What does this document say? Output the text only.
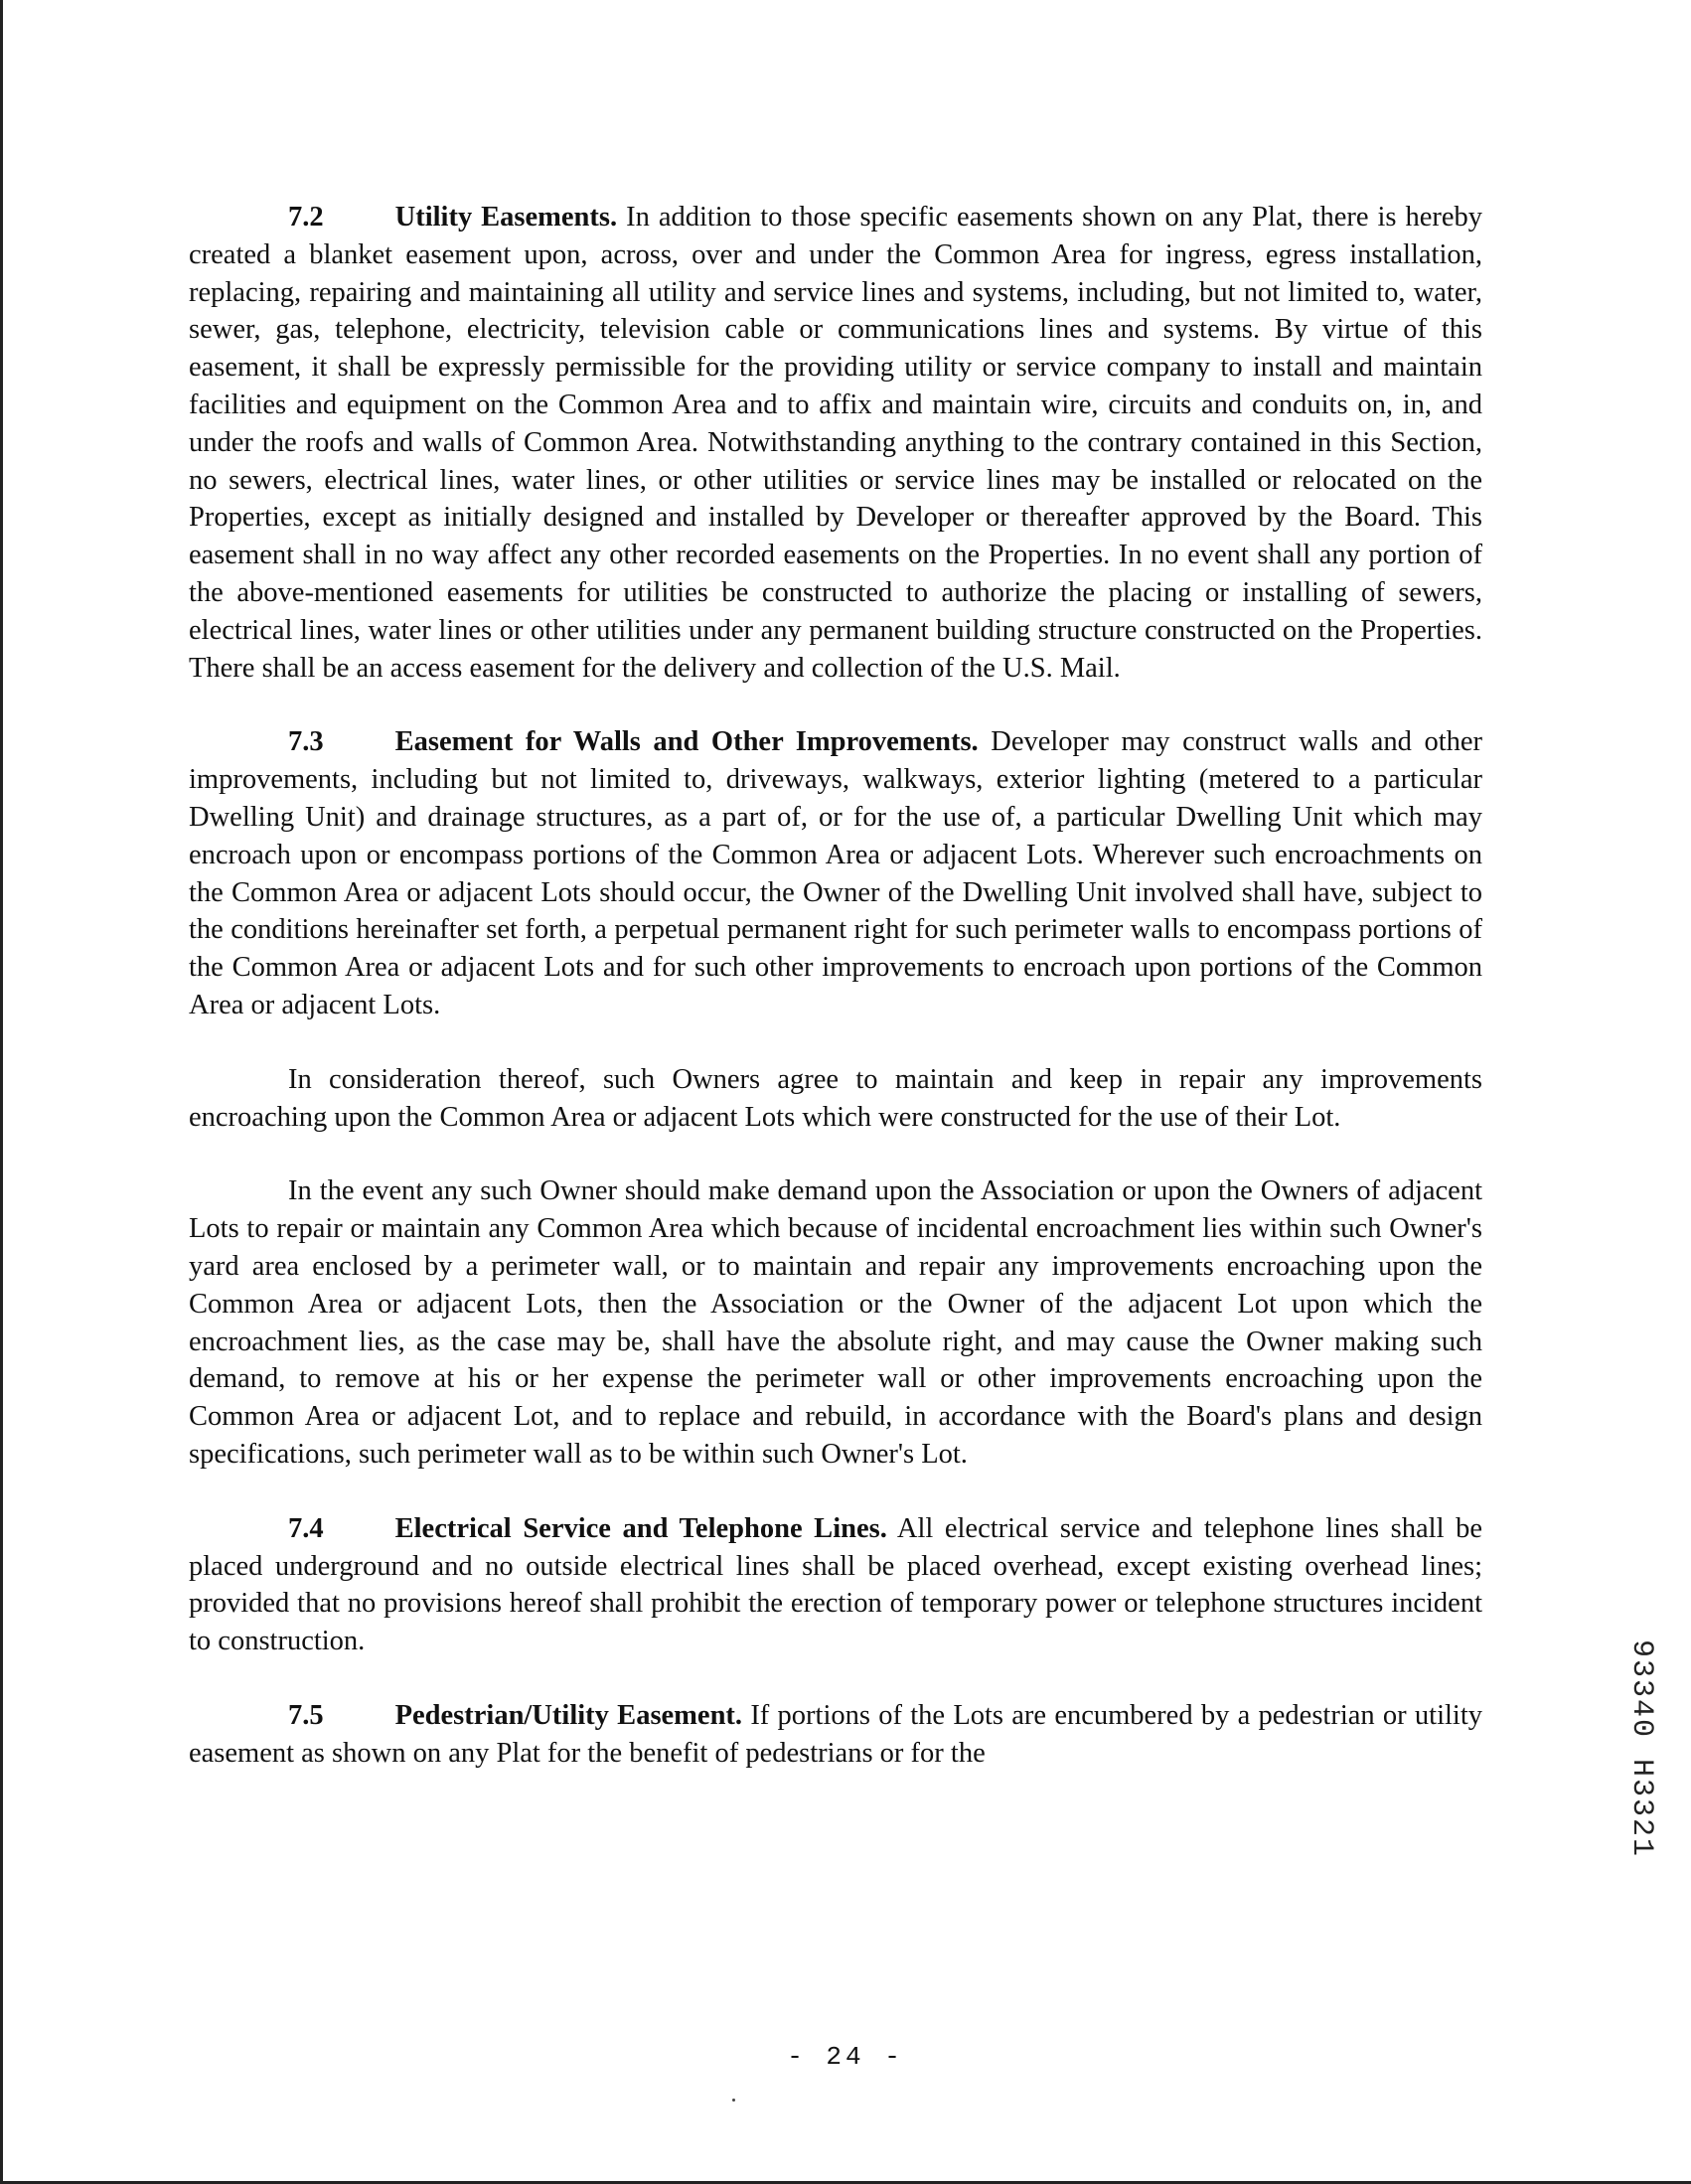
7.2	Utility Easements. In addition to those specific easements shown on any Plat, there is hereby created a blanket easement upon, across, over and under the Common Area for ingress, egress installation, replacing, repairing and maintaining all utility and service lines and systems, including, but not limited to, water, sewer, gas, telephone, electricity, television cable or communications lines and systems. By virtue of this easement, it shall be expressly permissible for the providing utility or service company to install and maintain facilities and equipment on the Common Area and to affix and maintain wire, circuits and conduits on, in, and under the roofs and walls of Common Area. Notwithstanding anything to the contrary contained in this Section, no sewers, electrical lines, water lines, or other utilities or service lines may be installed or relocated on the Properties, except as initially designed and installed by Developer or thereafter approved by the Board. This easement shall in no way affect any other recorded easements on the Properties. In no event shall any portion of the above-mentioned easements for utilities be constructed to authorize the placing or installing of sewers, electrical lines, water lines or other utilities under any permanent building structure constructed on the Properties. There shall be an access easement for the delivery and collection of the U.S. Mail.

7.3	Easement for Walls and Other Improvements. Developer may construct walls and other improvements, including but not limited to, driveways, walkways, exterior lighting (metered to a particular Dwelling Unit) and drainage structures, as a part of, or for the use of, a particular Dwelling Unit which may encroach upon or encompass portions of the Common Area or adjacent Lots. Wherever such encroachments on the Common Area or adjacent Lots should occur, the Owner of the Dwelling Unit involved shall have, subject to the conditions hereinafter set forth, a perpetual permanent right for such perimeter walls to encompass portions of the Common Area or adjacent Lots and for such other improvements to encroach upon portions of the Common Area or adjacent Lots.

In consideration thereof, such Owners agree to maintain and keep in repair any improvements encroaching upon the Common Area or adjacent Lots which were constructed for the use of their Lot.

In the event any such Owner should make demand upon the Association or upon the Owners of adjacent Lots to repair or maintain any Common Area which because of incidental encroachment lies within such Owner's yard area enclosed by a perimeter wall, or to maintain and repair any improvements encroaching upon the Common Area or adjacent Lots, then the Association or the Owner of the adjacent Lot upon which the encroachment lies, as the case may be, shall have the absolute right, and may cause the Owner making such demand, to remove at his or her expense the perimeter wall or other improvements encroaching upon the Common Area or adjacent Lot, and to replace and rebuild, in accordance with the Board's plans and design specifications, such perimeter wall as to be within such Owner's Lot.

7.4	Electrical Service and Telephone Lines. All electrical service and telephone lines shall be placed underground and no outside electrical lines shall be placed overhead, except existing overhead lines; provided that no provisions hereof shall prohibit the erection of temporary power or telephone structures incident to construction.

7.5	Pedestrian/Utility Easement. If portions of the Lots are encumbered by a pedestrian or utility easement as shown on any Plat for the benefit of pedestrians or for the	93340 H3321
- 24 -
